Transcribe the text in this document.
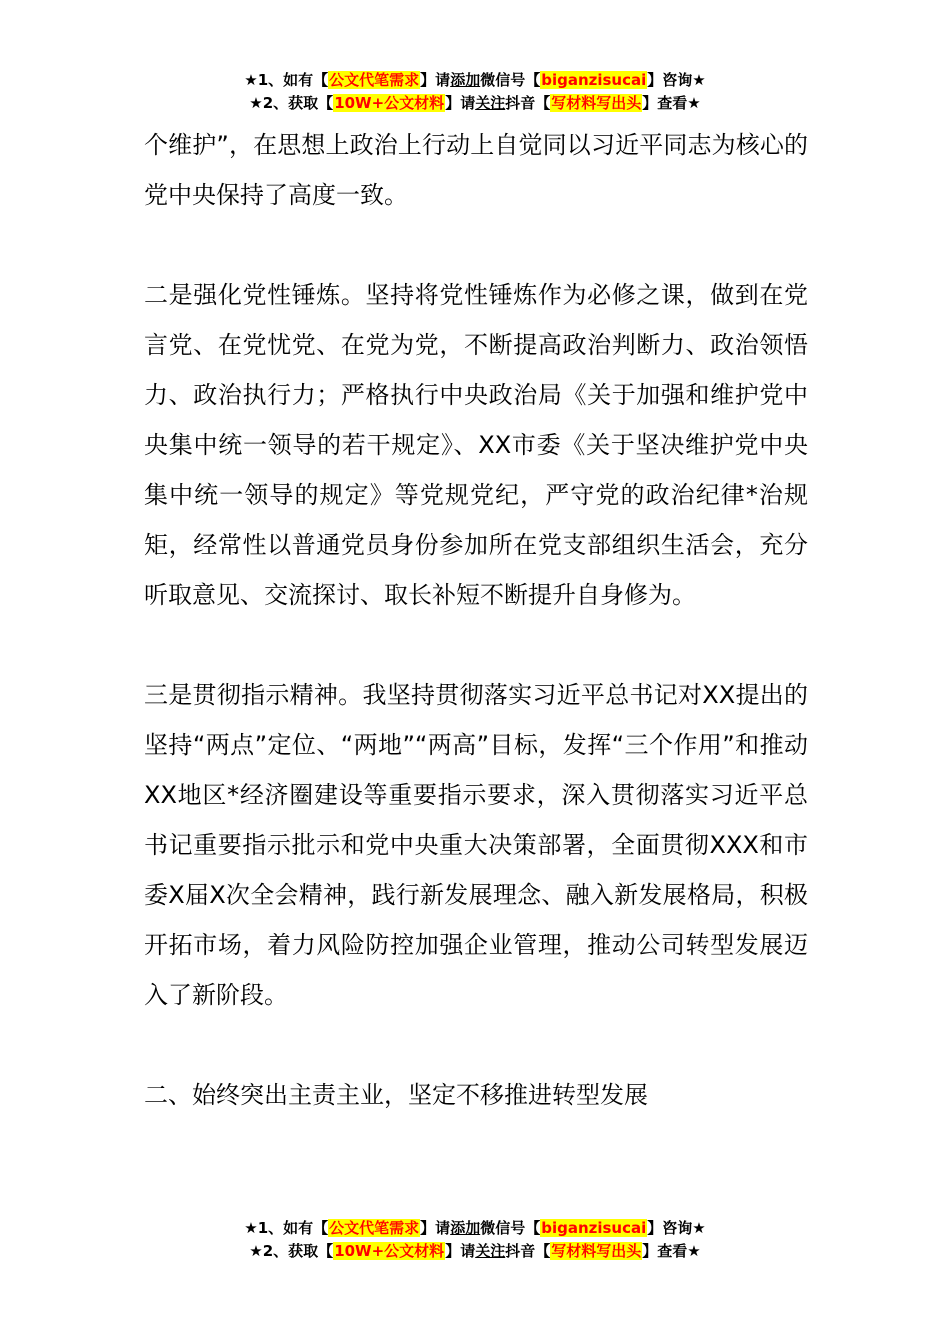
★1、如有【公文代笔需求】请添加微信号【biganzisucai】咨询★
★2、获取【10W+公文材料】请关注抖音【写材料写出头】查看★

个维护”，在思想上政治上行动上自觉同以习近平同志为核心的党中央保持了高度一致。

二是强化党性锤炼。坚持将党性锤炼作为必修之课，做到在党言党、在党忧党、在党为党，不断提高政治判断力、政治领悟力、政治执行力；严格执行中央政治局《关于加强和维护党中央集中统一领导的若干规定》、XX市委《关于坚决维护党中央集中统一领导的规定》等党规党纪，严守党的政治纪律*治规矩，经常性以普通党员身份参加所在党支部组织生活会，充分听取意见、交流探讨、取长补短不断提升自身修为。

三是贯彻指示精神。我坚持贯彻落实习近平总书记对XX提出的坚持“两点”定位、“两地”“两高”目标，发挥“三个作用”和推动XX地区*经济圈建设等重要指示要求，深入贯彻落实习近平总书记重要指示批示和党中央重大决策部署，全面贯彻XXX和市委X届X次全会精神，践行新发展理念、融入新发展格局，积极开拓市场，着力风险防控加强企业管理，推动公司转型发展迈入了新阶段。

二、始终突出主责主业，坚定不移推进转型发展

★1、如有【公文代笔需求】请添加微信号【biganzisucai】咨询★
★2、获取【10W+公文材料】请关注抖音【写材料写出头】查看★
